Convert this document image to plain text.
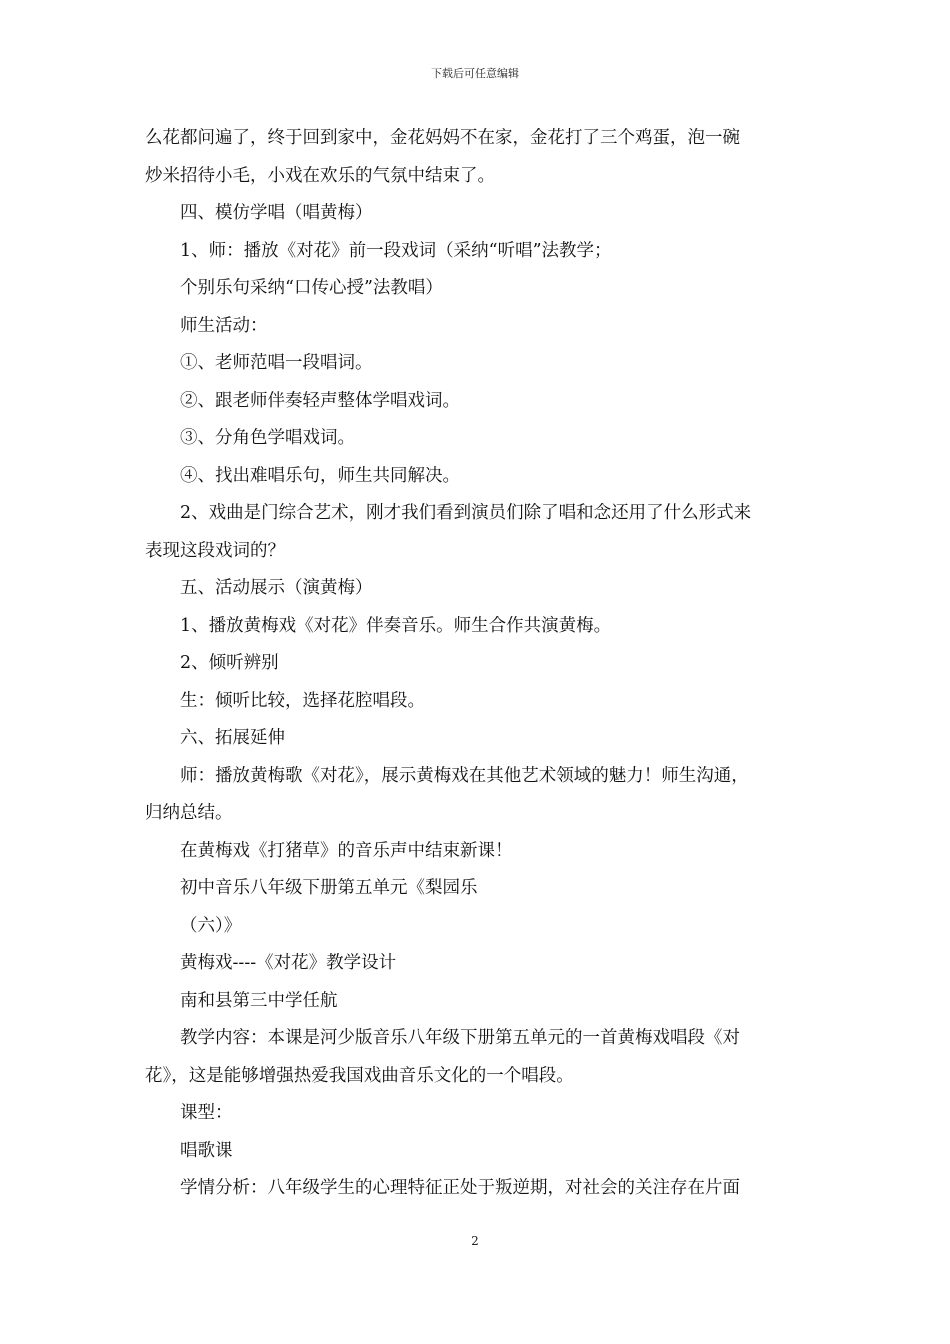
下载后可任意编辑

么花都问遍了，终于回到家中，金花妈妈不在家，金花打了三个鸡蛋，泡一碗

炒米招待小毛，小戏在欢乐的气氛中结束了。

四、模仿学唱（唱黄梅）

1、师：播放《对花》前一段戏词（采纳“听唱”法教学；

个别乐句采纳“口传心授”法教唱）

师生活动：

①、老师范唱一段唱词。

②、跟老师伴奏轻声整体学唱戏词。

③、分角色学唱戏词。

④、找出难唱乐句，师生共同解决。

2、戏曲是门综合艺术，刚才我们看到演员们除了唱和念还用了什么形式来

表现这段戏词的？

五、活动展示（演黄梅）

1、播放黄梅戏《对花》伴奏音乐。师生合作共演黄梅。

2、倾听辨别

生：倾听比较，选择花腔唱段。

六、拓展延伸

师：播放黄梅歌《对花》，展示黄梅戏在其他艺术领域的魅力！师生沟通，

归纳总结。

在黄梅戏《打猪草》的音乐声中结束新课！

初中音乐八年级下册第五单元《梨园乐

（六）》

黄梅戏----《对花》教学设计

南和县第三中学任航

教学内容：本课是河少版音乐八年级下册第五单元的一首黄梅戏唱段《对

花》，这是能够增强热爱我国戏曲音乐文化的一个唱段。

课型：

唱歌课

学情分析：八年级学生的心理特征正处于叛逆期，对社会的关注存在片面

2
